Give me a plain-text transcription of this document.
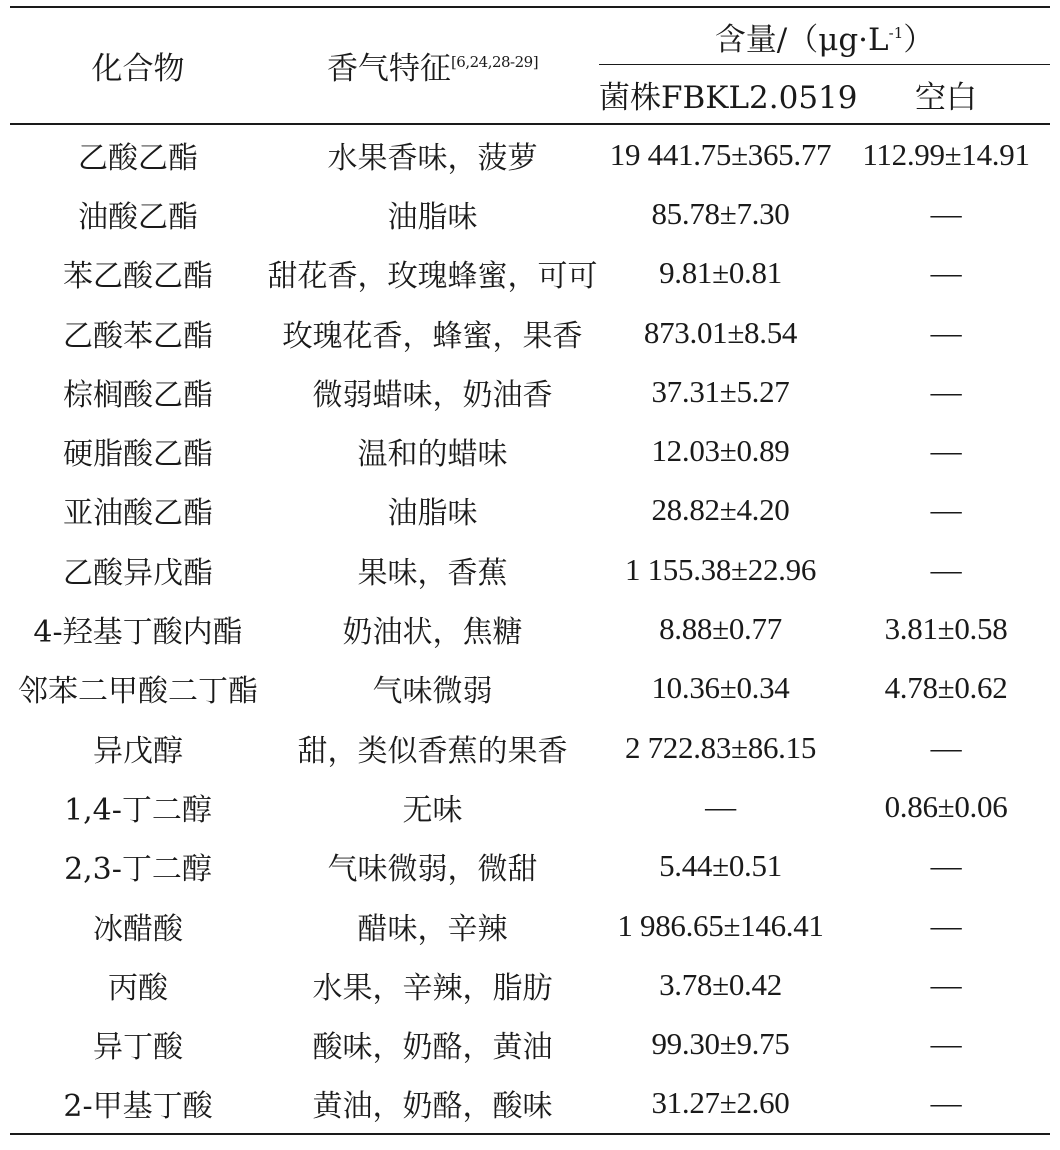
化合物	香气特征[6,24,28-29]	含量$/(\mu g\cdot L^{-1})$	
		菌株FBKL2.0519	空白
乙酸乙酯	水果香味，菠萝	19 441.75±365.77	112.99±14.91
油酸乙酯	油脂味	85.78±7.30	—
苯乙酸乙酯	甜花香，玫瑰蜂蜜，可可	9.81±0.81	—
乙酸苯乙酯	玫瑰花香，蜂蜜，果香	873.01±8.54	—
棕榈酸乙酯	微弱蜡味，奶油香	37.31±5.27	—
硬脂酸乙酯	温和的蜡味	12.03±0.89	—
亚油酸乙酯	油脂味	28.82±4.20	—
乙酸异戊酯	果味，香蕉	1 155.38±22.96	—
4-羟基丁酸内酯	奶油状，焦糖	8.88±0.77	3.81±0.58
邻苯二甲酸二丁酯	气味微弱	10.36±0.34	4.78±0.62
异戊醇	甜，类似香蕉的果香	2 722.83±86.15	—
1,4-丁二醇	无味	—	0.86±0.06
2,3-丁二醇	气味微弱，微甜	5.44±0.51	—
冰醋酸	醋味，辛辣	1 986.65±146.41	—
丙酸	水果，辛辣，脂肪	3.78±0.42	—
异丁酸	酸味，奶酪，黄油	99.30±9.75	—
2-甲基丁酸	黄油，奶酪，酸味	31.27±2.60	—
